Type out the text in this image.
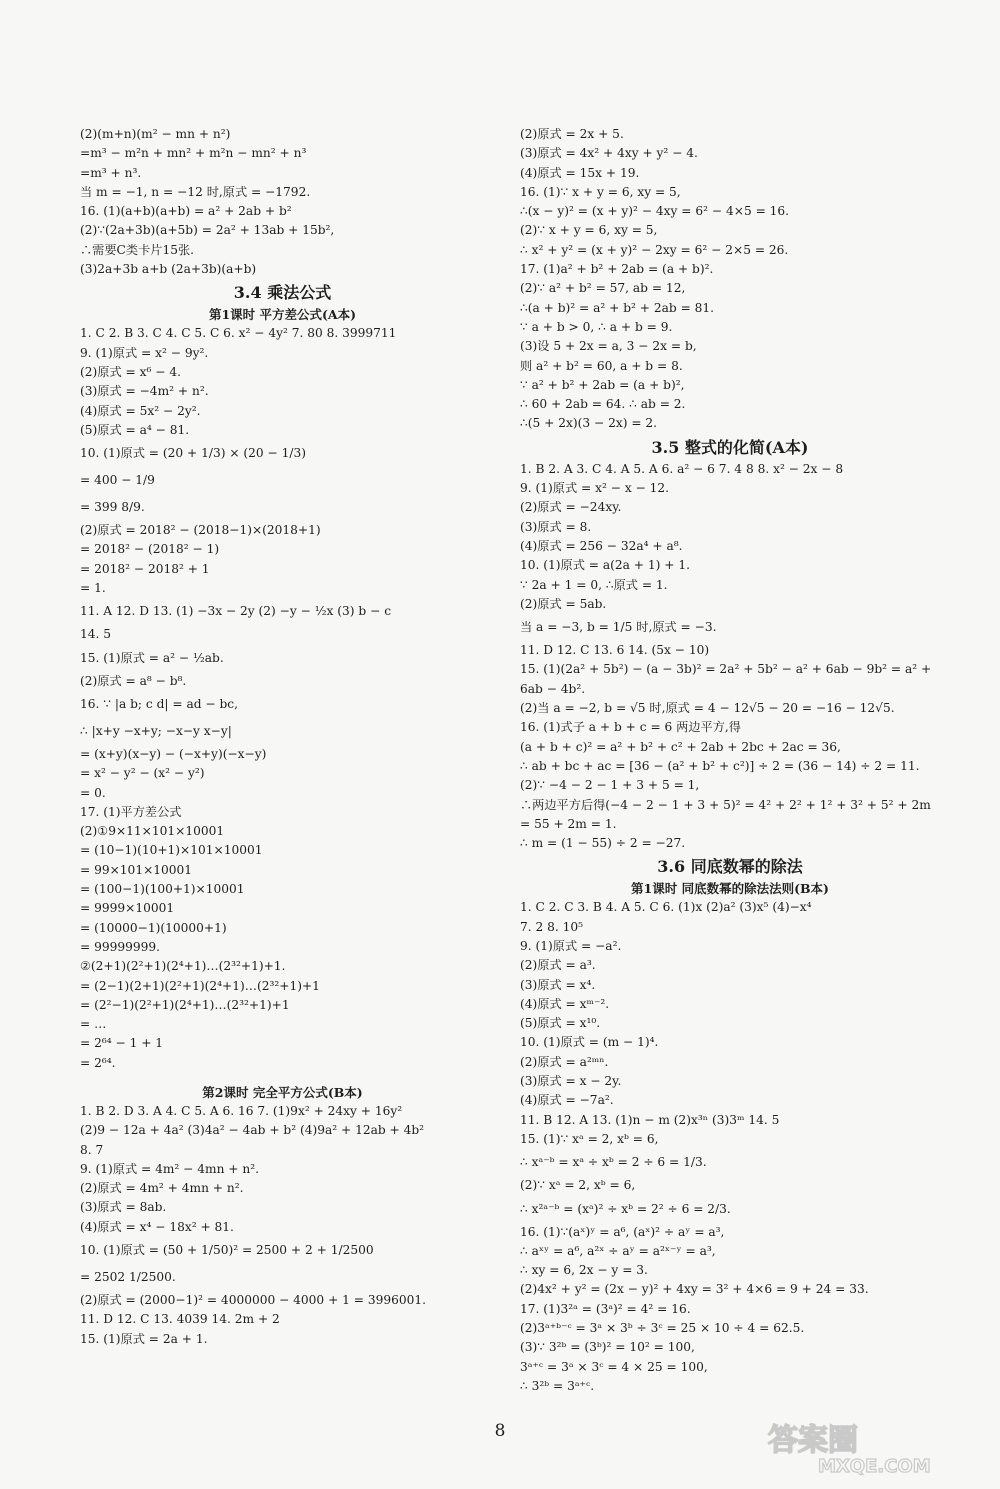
(2)(m+n)(m² − mn + n²)
=m³ − m²n + mn² + m²n − mn² + n³
=m³ + n³.
当 m = −1, n = −12 时,原式 = −1792.
16. (1)(a+b)(a+b) = a² + 2ab + b²
(2)∵(2a+3b)(a+5b) = 2a² + 13ab + 15b²,
∴需要C类卡片15张.
(3)2a+3b a+b (2a+3b)(a+b)
3.4 乘法公式
第1课时 平方差公式(A本)
1. C 2. B 3. C 4. C 5. C 6. x² − 4y² 7. 80 8. 3999711
9. (1)原式 = x² − 9y².
(2)原式 = x⁶ − 4.
(3)原式 = −4m² + n².
(4)原式 = 5x² − 2y².
(5)原式 = a⁴ − 81.
10. (1)原式 = (20 + 1/3) × (20 − 1/3)
= 400 − 1/9
= 399 8/9.
(2)原式 = 2018² − (2018−1)×(2018+1)
= 2018² − (2018² − 1)
= 2018² − 2018² + 1
= 1.
11. A 12. D 13. (1) −3x − 2y (2) −y − ½x (3) b − c
14. 5
15. (1)原式 = a² − ½ab.
(2)原式 = a⁸ − b⁸.
16. ∵ |a b; c d| = ad − bc,
∴ |x+y −x+y; −x−y x−y|
= (x+y)(x−y) − (−x+y)(−x−y)
= x² − y² − (x² − y²)
= 0.
17. (1)平方差公式
(2)①9×11×101×10001
= (10−1)(10+1)×101×10001
= 99×101×10001
= (100−1)(100+1)×10001
= 9999×10001
= (10000−1)(10000+1)
= 99999999.
②(2+1)(2²+1)(2⁴+1)…(2³²+1)+1.
= (2−1)(2+1)(2²+1)(2⁴+1)…(2³²+1)+1
= (2²−1)(2²+1)(2⁴+1)…(2³²+1)+1
= …
= 2⁶⁴ − 1 + 1
= 2⁶⁴.
第2课时 完全平方公式(B本)
1. B 2. D 3. A 4. C 5. A 6. 16 7. (1)9x² + 24xy + 16y²
(2)9 − 12a + 4a² (3)4a² − 4ab + b² (4)9a² + 12ab + 4b²
8. 7
9. (1)原式 = 4m² − 4mn + n².
(2)原式 = 4m² + 4mn + n².
(3)原式 = 8ab.
(4)原式 = x⁴ − 18x² + 81.
10. (1)原式 = (50 + 1/50)² = 2500 + 2 + 1/2500
= 2502 1/2500.
(2)原式 = (2000−1)² = 4000000 − 4000 + 1 = 3996001.
11. D 12. C 13. 4039 14. 2m + 2
15. (1)原式 = 2a + 1.
(2)原式 = 2x + 5.
(3)原式 = 4x² + 4xy + y² − 4.
(4)原式 = 15x + 19.
16. (1)∵ x + y = 6, xy = 5,
∴(x − y)² = (x + y)² − 4xy = 6² − 4×5 = 16.
(2)∵ x + y = 6, xy = 5,
∴ x² + y² = (x + y)² − 2xy = 6² − 2×5 = 26.
17. (1)a² + b² + 2ab = (a + b)².
(2)∵ a² + b² = 57, ab = 12,
∴(a + b)² = a² + b² + 2ab = 81.
∵ a + b > 0, ∴ a + b = 9.
(3)设 5 + 2x = a, 3 − 2x = b,
则 a² + b² = 60, a + b = 8.
∵ a² + b² + 2ab = (a + b)²,
∴ 60 + 2ab = 64. ∴ ab = 2.
∴(5 + 2x)(3 − 2x) = 2.
3.5 整式的化简(A本)
1. B 2. A 3. C 4. A 5. A 6. a² − 6 7. 4 8 8. x² − 2x − 8
9. (1)原式 = x² − x − 12.
(2)原式 = −24xy.
(3)原式 = 8.
(4)原式 = 256 − 32a⁴ + a⁸.
10. (1)原式 = a(2a + 1) + 1.
∵ 2a + 1 = 0, ∴原式 = 1.
(2)原式 = 5ab.
当 a = −3, b = 1/5 时,原式 = −3.
11. D 12. C 13. 6 14. (5x − 10)
15. (1)(2a² + 5b²) − (a − 3b)² = 2a² + 5b² − a² + 6ab − 9b² = a² +
6ab − 4b².
(2)当 a = −2, b = √5 时,原式 = 4 − 12√5 − 20 = −16 − 12√5.
16. (1)式子 a + b + c = 6 两边平方,得
(a + b + c)² = a² + b² + c² + 2ab + 2bc + 2ac = 36,
∴ ab + bc + ac = [36 − (a² + b² + c²)] ÷ 2 = (36 − 14) ÷ 2 = 11.
(2)∵ −4 − 2 − 1 + 3 + 5 = 1,
∴两边平方后得(−4 − 2 − 1 + 3 + 5)² = 4² + 2² + 1² + 3² + 5² + 2m
= 55 + 2m = 1.
∴ m = (1 − 55) ÷ 2 = −27.
3.6 同底数幂的除法
第1课时 同底数幂的除法法则(B本)
1. C 2. C 3. B 4. A 5. C 6. (1)x (2)a² (3)x⁵ (4)−x⁴
7. 2 8. 10⁵
9. (1)原式 = −a².
(2)原式 = a³.
(3)原式 = x⁴.
(4)原式 = xᵐ⁻².
(5)原式 = x¹⁰.
10. (1)原式 = (m − 1)⁴.
(2)原式 = a²ᵐⁿ.
(3)原式 = x − 2y.
(4)原式 = −7a².
11. B 12. A 13. (1)n − m (2)x³ⁿ (3)3ᵐ 14. 5
15. (1)∵ xᵃ = 2, xᵇ = 6,
∴ xᵃ⁻ᵇ = xᵃ ÷ xᵇ = 2 ÷ 6 = 1/3.
(2)∵ xᵃ = 2, xᵇ = 6,
∴ x²ᵃ⁻ᵇ = (xᵃ)² ÷ xᵇ = 2² ÷ 6 = 2/3.
16. (1)∵(aˣ)ʸ = a⁶, (aˣ)² ÷ aʸ = a³,
∴ aˣʸ = a⁶, a²ˣ ÷ aʸ = a²ˣ⁻ʸ = a³,
∴ xy = 6, 2x − y = 3.
(2)4x² + y² = (2x − y)² + 4xy = 3² + 4×6 = 9 + 24 = 33.
17. (1)3²ᵃ = (3ᵃ)² = 4² = 16.
(2)3ᵃ⁺ᵇ⁻ᶜ = 3ᵃ × 3ᵇ ÷ 3ᶜ = 25 × 10 ÷ 4 = 62.5.
(3)∵ 3²ᵇ = (3ᵇ)² = 10² = 100,
3ᵃ⁺ᶜ = 3ᵃ × 3ᶜ = 4 × 25 = 100,
∴ 3²ᵇ = 3ᵃ⁺ᶜ.
8	答案圈
MXQE.COM
